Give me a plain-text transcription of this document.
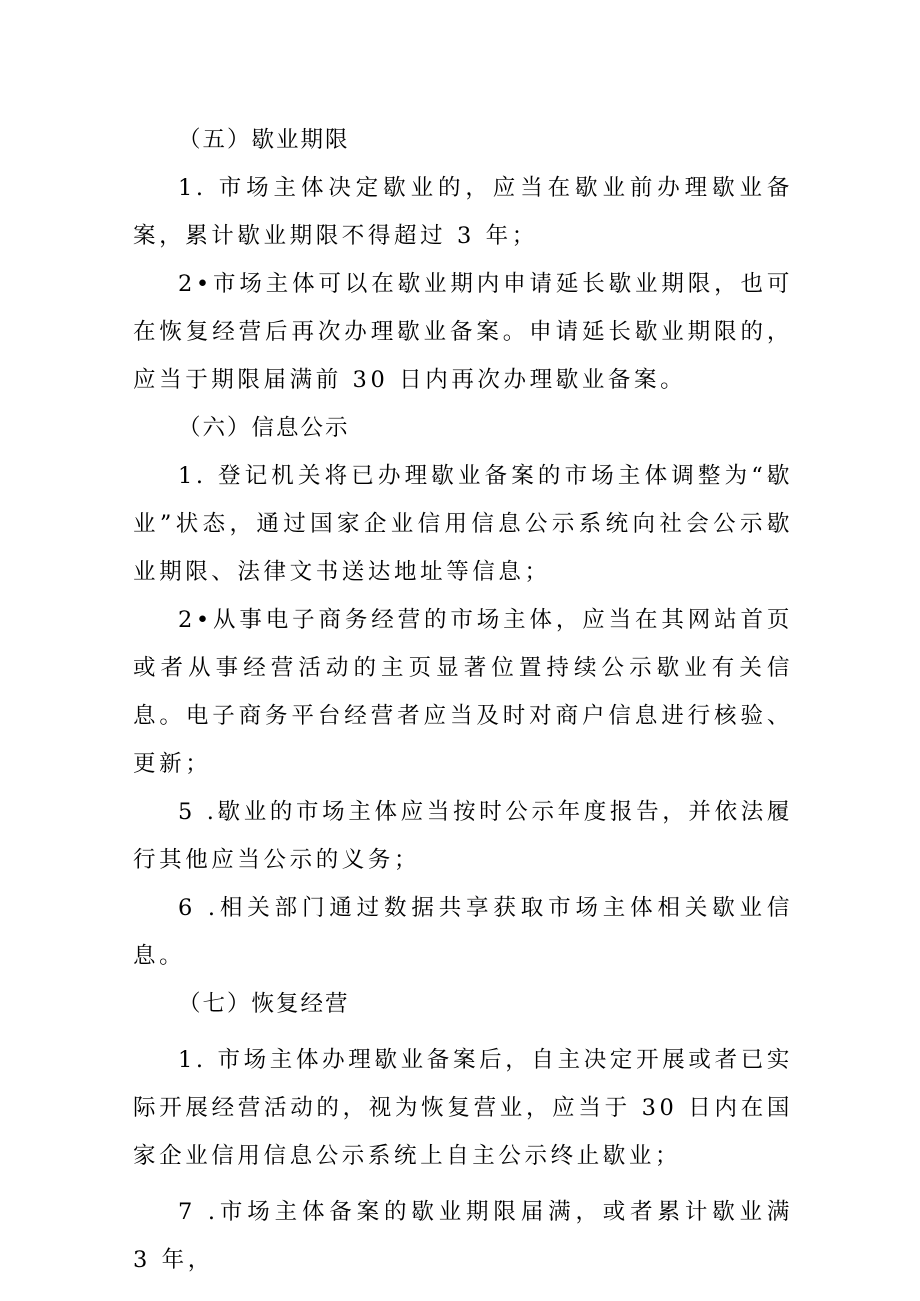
（五）歇业期限

1. 市场主体决定歇业的，应当在歇业前办理歇业备案，累计歇业期限不得超过 3 年；

2•市场主体可以在歇业期内申请延长歇业期限，也可在恢复经营后再次办理歇业备案。申请延长歇业期限的，应当于期限届满前 30 日内再次办理歇业备案。

（六）信息公示

1. 登记机关将已办理歇业备案的市场主体调整为“歇业”状态，通过国家企业信用信息公示系统向社会公示歇业期限、法律文书送达地址等信息；

2•从事电子商务经营的市场主体，应当在其网站首页或者从事经营活动的主页显著位置持续公示歇业有关信息。电子商务平台经营者应当及时对商户信息进行核验、更新；

5 .歇业的市场主体应当按时公示年度报告，并依法履行其他应当公示的义务；

6 .相关部门通过数据共享获取市场主体相关歇业信息。

（七）恢复经营

1. 市场主体办理歇业备案后，自主决定开展或者已实际开展经营活动的，视为恢复营业，应当于 30 日内在国家企业信用信息公示系统上自主公示终止歇业；

7 .市场主体备案的歇业期限届满，或者累计歇业满 3 年，
